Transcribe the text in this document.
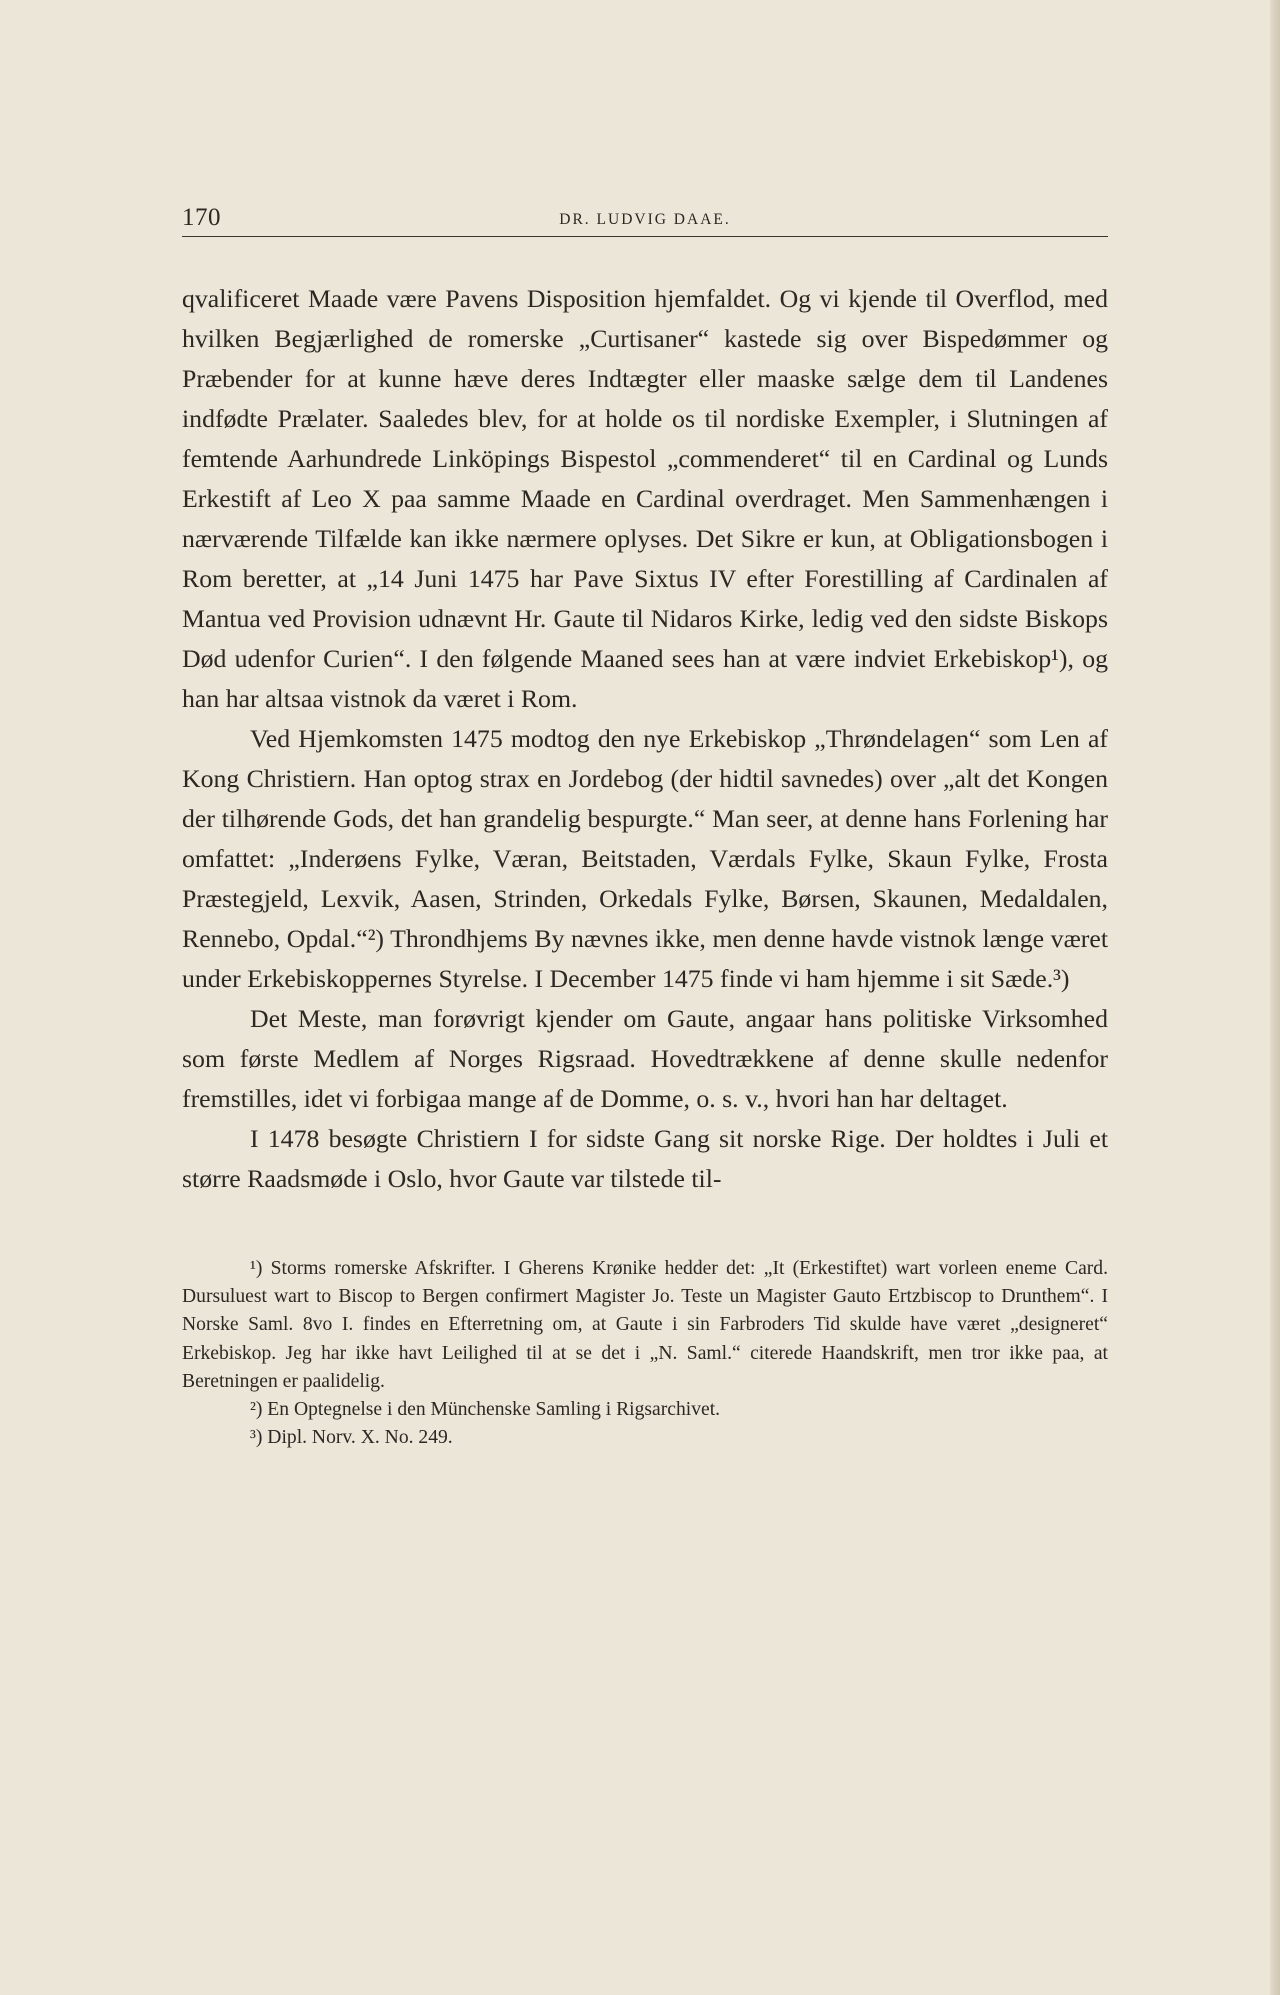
170	DR. LUDVIG DAAE.

qvalificeret Maade være Pavens Disposition hjemfaldet. Og vi kjende til Overflod, med hvilken Begjærlighed de romerske „Curtisaner“ kastede sig over Bispedømmer og Præbender for at kunne hæve deres Indtægter eller maaske sælge dem til Landenes indfødte Prælater. Saaledes blev, for at holde os til nordiske Exempler, i Slutningen af femtende Aarhundrede Linköpings Bispestol „commenderet“ til en Cardinal og Lunds Erkestift af Leo X paa samme Maade en Cardinal overdraget. Men Sammenhængen i nærværende Tilfælde kan ikke nærmere oplyses. Det Sikre er kun, at Obligationsbogen i Rom beretter, at „14 Juni 1475 har Pave Sixtus IV efter Forestilling af Cardinalen af Mantua ved Provision udnævnt Hr. Gaute til Nidaros Kirke, ledig ved den sidste Biskops Død udenfor Curien“. I den følgende Maaned sees han at være indviet Erkebiskop¹), og han har altsaa vistnok da været i Rom.

Ved Hjemkomsten 1475 modtog den nye Erkebiskop „Thrøndelagen“ som Len af Kong Christiern. Han optog strax en Jordebog (der hidtil savnedes) over „alt det Kongen der tilhørende Gods, det han grandelig bespurgte.“ Man seer, at denne hans Forlening har omfattet: „Inderøens Fylke, Væran, Beitstaden, Værdals Fylke, Skaun Fylke, Frosta Præstegjeld, Lexvik, Aasen, Strinden, Orkedals Fylke, Børsen, Skaunen, Medaldalen, Rennebo, Opdal.“²) Throndhjems By nævnes ikke, men denne havde vistnok længe været under Erkebiskoppernes Styrelse. I December 1475 finde vi ham hjemme i sit Sæde.³)

Det Meste, man forøvrigt kjender om Gaute, angaar hans politiske Virksomhed som første Medlem af Norges Rigsraad. Hovedtrækkene af denne skulle nedenfor fremstilles, idet vi forbigaa mange af de Domme, o. s. v., hvori han har deltaget.

I 1478 besøgte Christiern I for sidste Gang sit norske Rige. Der holdtes i Juli et større Raadsmøde i Oslo, hvor Gaute var tilstede til-

¹) Storms romerske Afskrifter. I Gherens Krønike hedder det: „It (Erkestiftet) wart vorleen eneme Card. Dursuluest wart to Biscop to Bergen confirmert Magister Jo. Teste un Magister Gauto Ertzbiscop to Drunthem“. I Norske Saml. 8vo I. findes en Efterretning om, at Gaute i sin Farbroders Tid skulde have været „designeret“ Erkebiskop. Jeg har ikke havt Leilighed til at se det i „N. Saml.“ citerede Haandskrift, men tror ikke paa, at Beretningen er paalidelig.

²) En Optegnelse i den Münchenske Samling i Rigsarchivet.

³) Dipl. Norv. X. No. 249.
